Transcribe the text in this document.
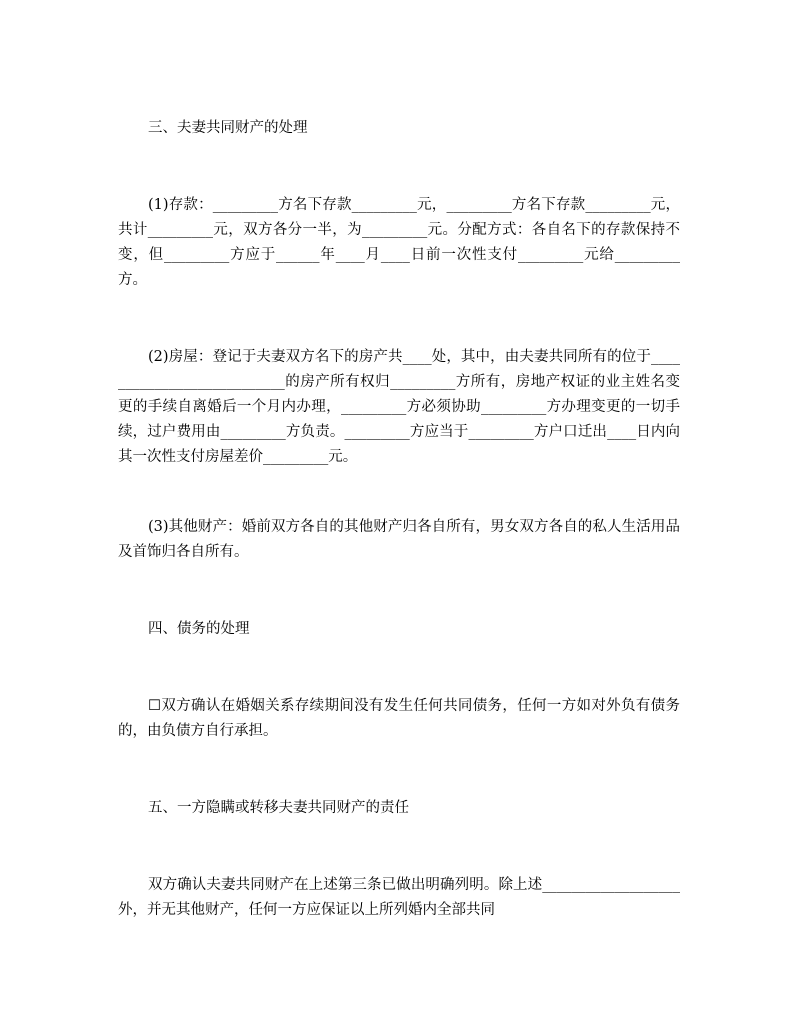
三、夫妻共同财产的处理

(1)存款：_________方名下存款_________元，_________方名下存款_________元，共计_________元，双方各分一半，为_________元。分配方式：各自名下的存款保持不变，但_________方应于______年____月____日前一次性支付_________元给_________方。

(2)房屋：登记于夫妻双方名下的房产共____处，其中，由夫妻共同所有的位于___________________________的房产所有权归_________方所有，房地产权证的业主姓名变更的手续自离婚后一个月内办理，_________方必须协助_________方办理变更的一切手续，过户费用由_________方负责。_________方应当于_________方户口迁出____日内向其一次性支付房屋差价_________元。

(3)其他财产：婚前双方各自的其他财产归各自所有，男女双方各自的私人生活用品及首饰归各自所有。

四、债务的处理

☐双方确认在婚姻关系存续期间没有发生任何共同债务，任何一方如对外负有债务的，由负债方自行承担。

五、一方隐瞒或转移夫妻共同财产的责任

双方确认夫妻共同财产在上述第三条已做出明确列明。除上述___________________外，并无其他财产，任何一方应保证以上所列婚内全部共同
